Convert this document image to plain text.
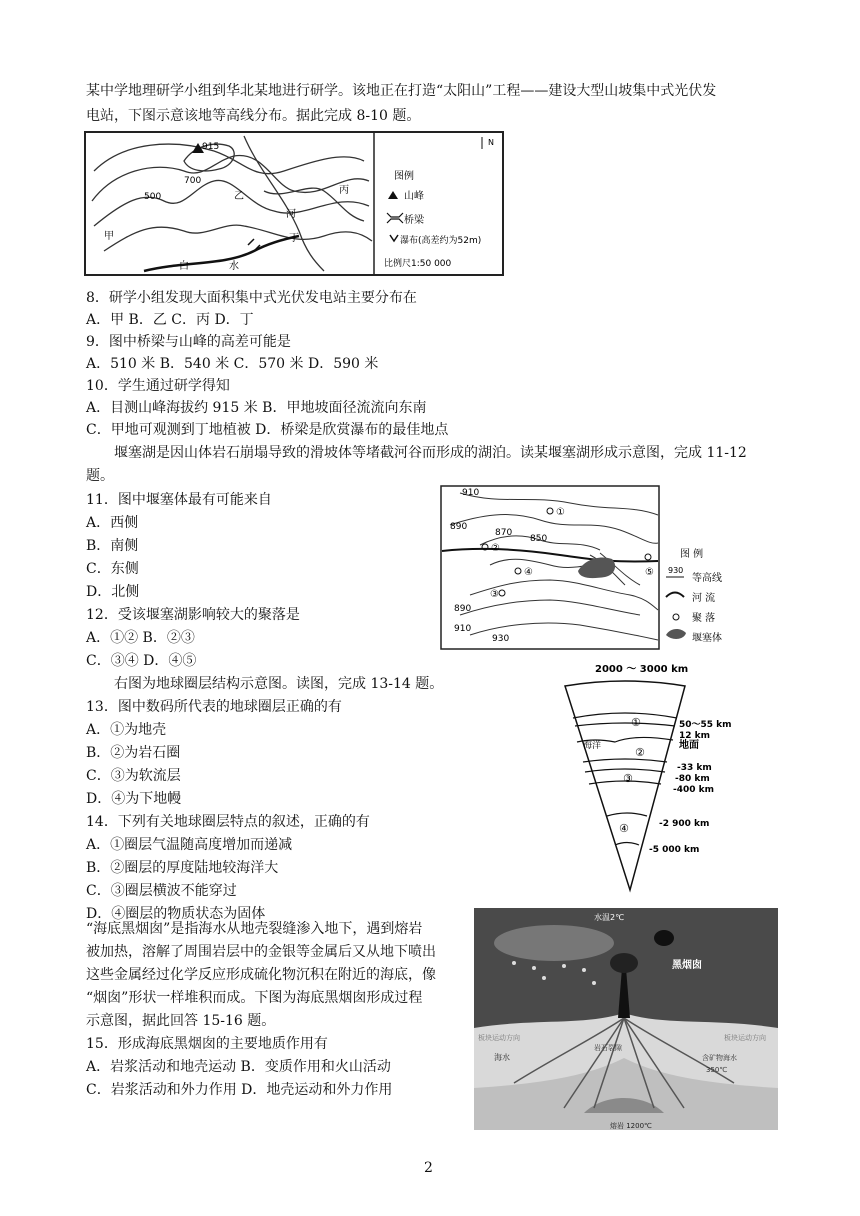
某中学地理研学小组到华北某地进行研学。该地正在打造“太阳山”工程——建设大型山坡集中式光伏发
电站，下图示意该地等高线分布。据此完成 8-10 题。
915
700
500	乙
丙
河
丁
甲
白	水
N
图例
山峰
桥梁
瀑布(高差约为52m)
比例尺1:50 000
8．研学小组发现大面积集中式光伏发电站主要分布在
A．甲 B．乙 C．丙 D．丁
9．图中桥梁与山峰的高差可能是
A．510 米 B．540 米 C．570 米 D．590 米
10．学生通过研学得知
A．目测山峰海拔约 915 米 B．甲地坡面径流流向东南
C．甲地可观测到丁地植被 D．桥梁是欣赏瀑布的最佳地点
堰塞湖是因山体岩石崩塌导致的滑坡体等堵截河谷而形成的湖泊。读某堰塞湖形成示意图，完成 11-12
题。
11．图中堰塞体最有可能来自
A．西侧
B．南侧
C．东侧
D．北侧
12．受该堰塞湖影响较大的聚落是
A．①② B．②③
C．③④ D．④⑤
①
②
③
④	⑤
910
890
870
850
890
910
930
图 例
930
等高线
河 流
聚 落
堰塞体
右图为地球圈层结构示意图。读图，完成 13-14 题。
13．图中数码所代表的地球圈层正确的有
A．①为地壳
B．②为岩石圈
C．③为软流层
D．④为下地幔
14．下列有关地球圈层特点的叙述，正确的有
A．①圈层气温随高度增加而递减
B．②圈层的厚度陆地较海洋大
C．③圈层横波不能穿过
D．④圈层的物质状态为固体
2000 ～ 3000 km
①
②
③
④
海洋	地面
50～55 km
12 km
-33 km
-80 km
-400 km
-2 900 km
-5 000 km
“海底黑烟囱”是指海水从地壳裂缝渗入地下，遇到熔岩
被加热，溶解了周围岩层中的金银等金属后又从地下喷出
这些金属经过化学反应形成硫化物沉积在附近的海底，像
“烟囱”形状一样堆积而成。下图为海底黑烟囱形成过程
示意图，据此回答 15-16 题。
15．形成海底黑烟囱的主要地质作用有
A．岩浆活动和地壳运动 B．变质作用和火山活动
C．岩浆活动和外力作用 D．地壳运动和外力作用
水温2℃
黑烟囱
板块运动方向	板块运动方向
海水
岩石裂隙
含矿物海水
350℃
熔岩 1200℃
2
